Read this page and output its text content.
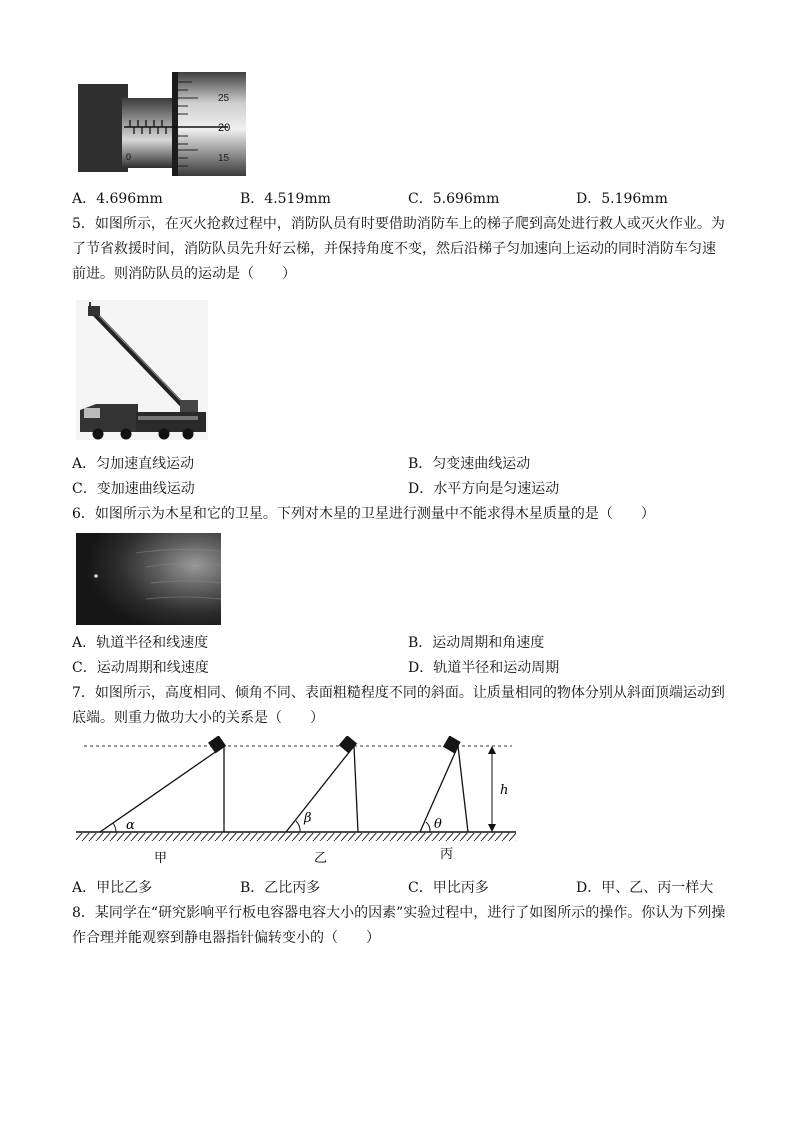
25
20
15
0
A．4.696mm	B．4.519mm	C．5.696mm	D．5.196mm
5．如图所示，在灭火抢救过程中，消防队员有时要借助消防车上的梯子爬到高处进行救人或灭火作业。为
了节省救援时间，消防队员先升好云梯，并保持角度不变，然后沿梯子匀加速向上运动的同时消防车匀速
前进。则消防队员的运动是（　　）
A．匀加速直线运动	B．匀变速曲线运动
C．变加速曲线运动	D．水平方向是匀速运动
6．如图所示为木星和它的卫星。下列对木星的卫星进行测量中不能求得木星质量的是（　　）
A．轨道半径和线速度	B．运动周期和角速度
C．运动周期和线速度	D．轨道半径和运动周期
7．如图所示，高度相同、倾角不同、表面粗糙程度不同的斜面。让质量相同的物体分别从斜面顶端运动到
底端。则重力做功大小的关系是（　　）
α
甲
β
乙
θ
丙
h
A．甲比乙多	B．乙比丙多	C．甲比丙多	D．甲、乙、丙一样大
8．某同学在“研究影响平行板电容器电容大小的因素”实验过程中，进行了如图所示的操作。你认为下列操
作合理并能观察到静电器指针偏转变小的（　　）
